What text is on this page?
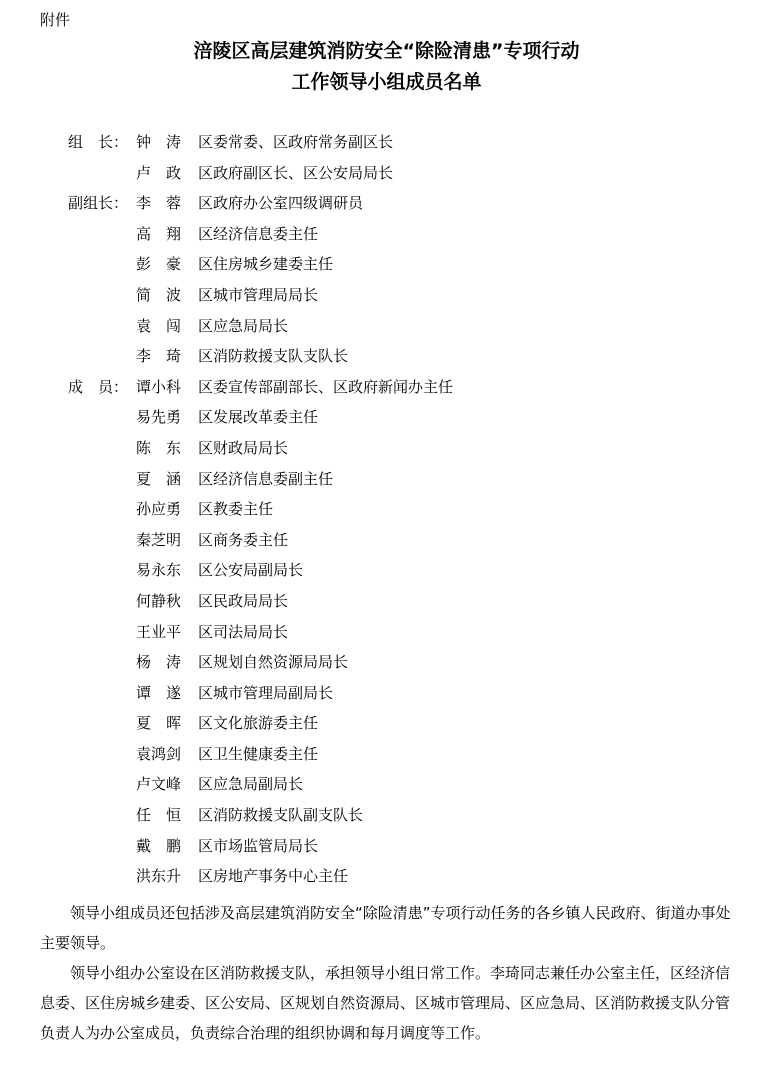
附件
涪陵区高层建筑消防安全“除险清患”专项行动
工作领导小组成员名单
组　长： 钟　涛	区委常委、区政府常务副区长
卢　政	区政府副区长、区公安局局长
副组长： 李　蓉	区政府办公室四级调研员
高　翔	区经济信息委主任
彭　豪	区住房城乡建委主任
简　波	区城市管理局局长
袁　闯	区应急局局长
李　琦	区消防救援支队支队长
成　员： 谭小科	区委宣传部副部长、区政府新闻办主任
易先勇	区发展改革委主任
陈　东	区财政局局长
夏　涵	区经济信息委副主任
孙应勇	区教委主任
秦芝明	区商务委主任
易永东	区公安局副局长
何静秋	区民政局局长
王业平	区司法局局长
杨　涛	区规划自然资源局局长
谭　遂	区城市管理局副局长
夏　晖	区文化旅游委主任
袁鸿剑	区卫生健康委主任
卢文峰	区应急局副局长
任　恒	区消防救援支队副支队长
戴　鹏	区市场监管局局长
洪东升	区房地产事务中心主任

领导小组成员还包括涉及高层建筑消防安全“除险清患”专项行动任务的各乡镇人民政府、街道办事处主要领导。

领导小组办公室设在区消防救援支队，承担领导小组日常工作。李琦同志兼任办公室主任，区经济信息委、区住房城乡建委、区公安局、区规划自然资源局、区城市管理局、区应急局、区消防救援支队分管负责人为办公室成员，负责综合治理的组织协调和每月调度等工作。
